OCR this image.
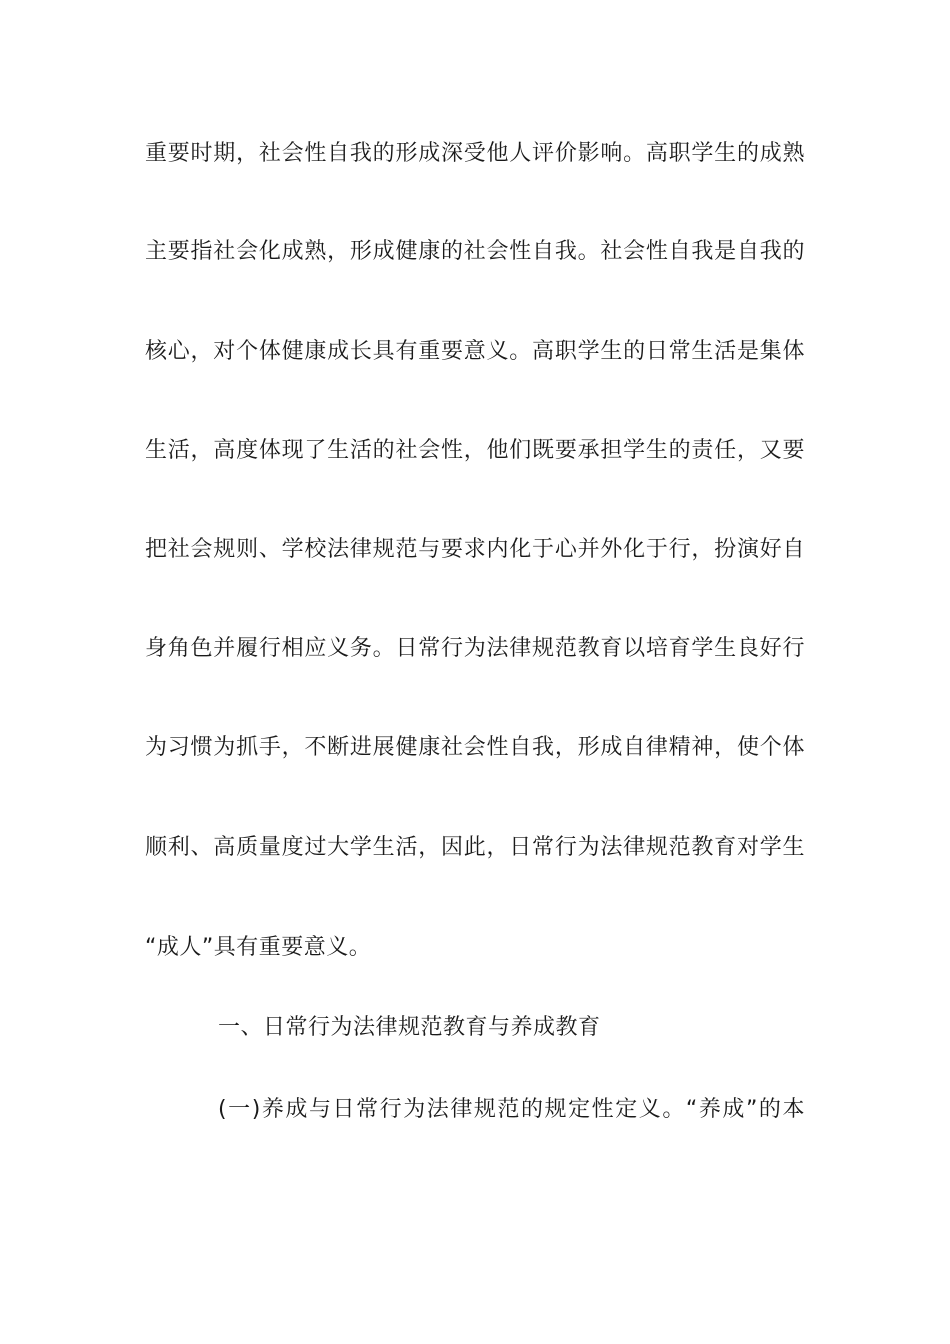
重要时期，社会性自我的形成深受他人评价影响。高职学生的成熟
主要指社会化成熟，形成健康的社会性自我。社会性自我是自我的
核心，对个体健康成长具有重要意义。高职学生的日常生活是集体
生活，高度体现了生活的社会性，他们既要承担学生的责任，又要
把社会规则、学校法律规范与要求内化于心并外化于行，扮演好自
身角色并履行相应义务。日常行为法律规范教育以培育学生良好行
为习惯为抓手，不断进展健康社会性自我，形成自律精神，使个体
顺利、高质量度过大学生活，因此，日常行为法律规范教育对学生
“成人”具有重要意义。
一、日常行为法律规范教育与养成教育
(一)养成与日常行为法律规范的规定性定义。“养成”的本
